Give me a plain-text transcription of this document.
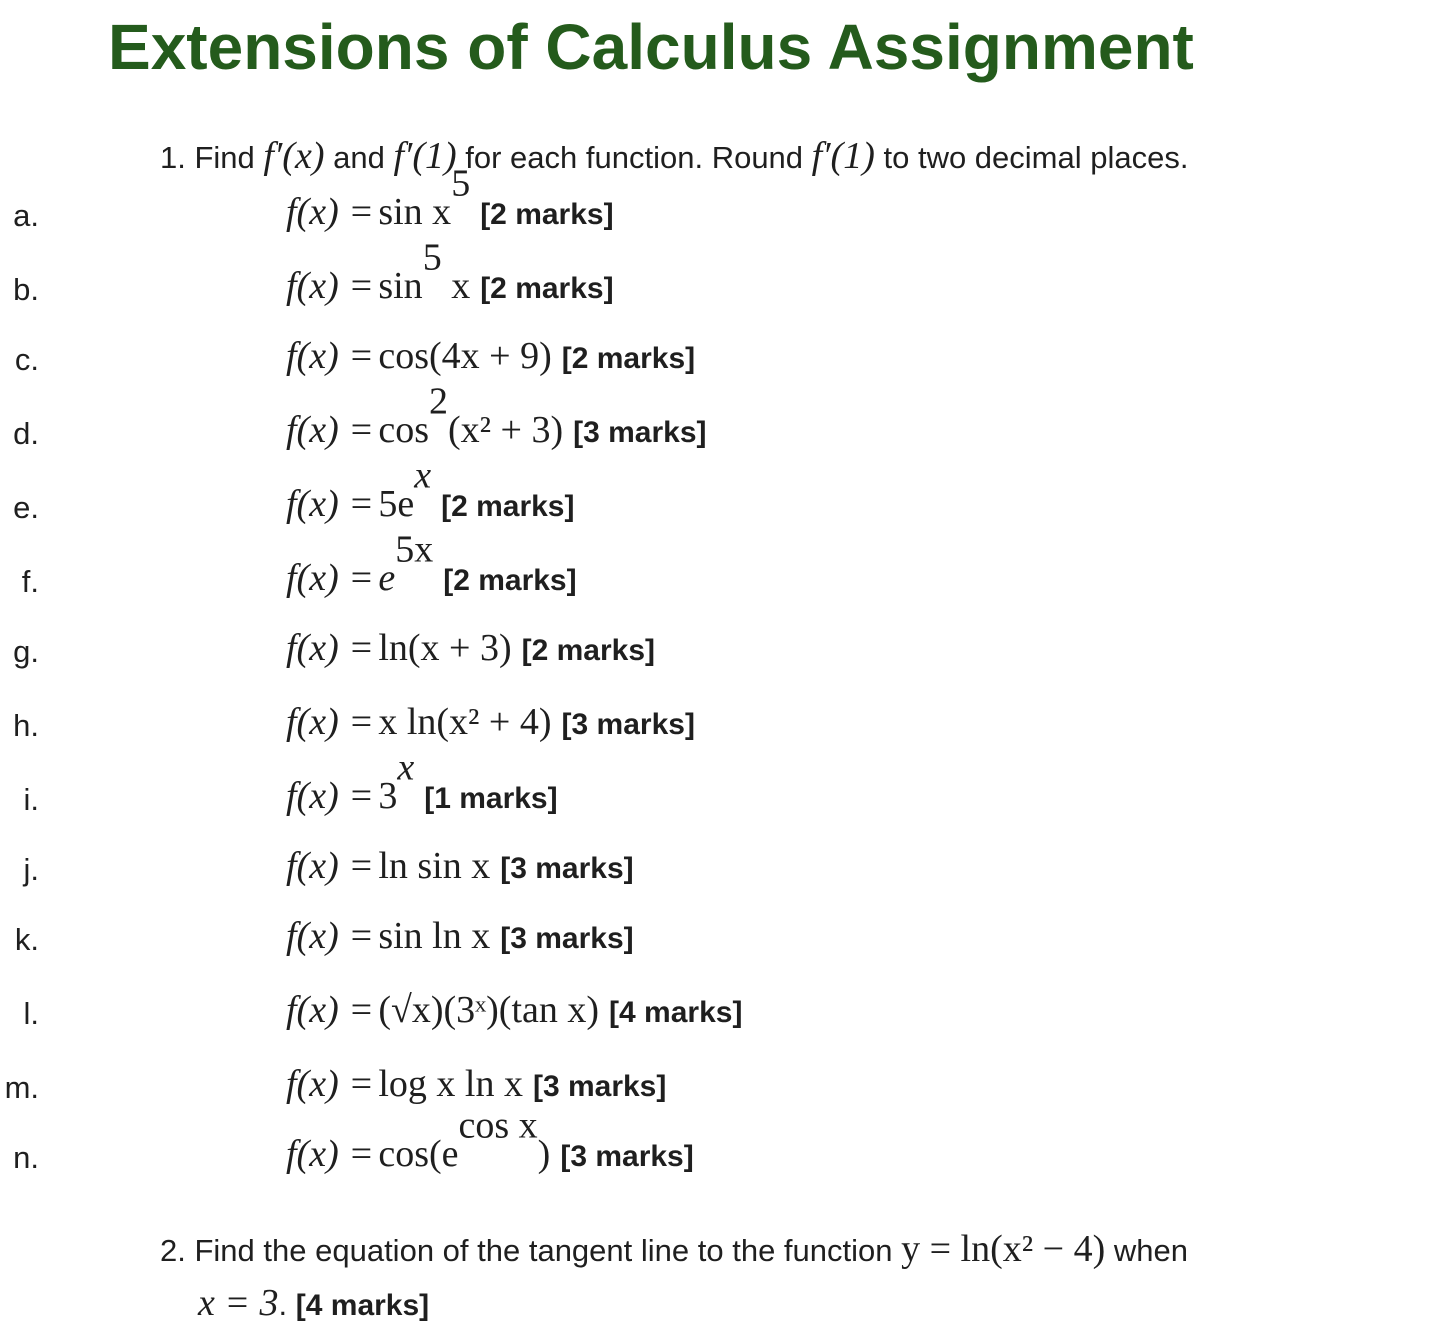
Extensions of Calculus Assignment
1. Find f′(x) and f′(1) for each function. Round f′(1) to two decimal places.
a.	$f(x) = \sin x^5[2$ marks]
b.	$f(x) = \sin^5 x$ [2 marks]
c.	f(x) = cos(4x + 9) [2 marks]
d.	$f(x) = \cos^2(x^2 + 3)$ [3 marks]
e.	$f(x) = 5e^x[2$ marks]
f.	$f(x) = e^{5x}[2$ marks]
g.	f(x) = ln(x + 3) [2 marks]
h.	f(x) = x ln(x² + 4) [3 marks]
i.	$f(x) = 3^x[1$ marks]
j.	f(x) = ln sin x [3 marks]
k.	f(x) = sin ln x [3 marks]
l.	f(x) = (√x)(3ˣ)(tan x) [4 marks]
m.	f(x) = log x ln x [3 marks]
n.	$f(x) = \cos(e^{cos x})$ [3 marks]
2. Find the equation of the tangent line to the function y = ln(x² − 4) when
x = 3. [4 marks]
